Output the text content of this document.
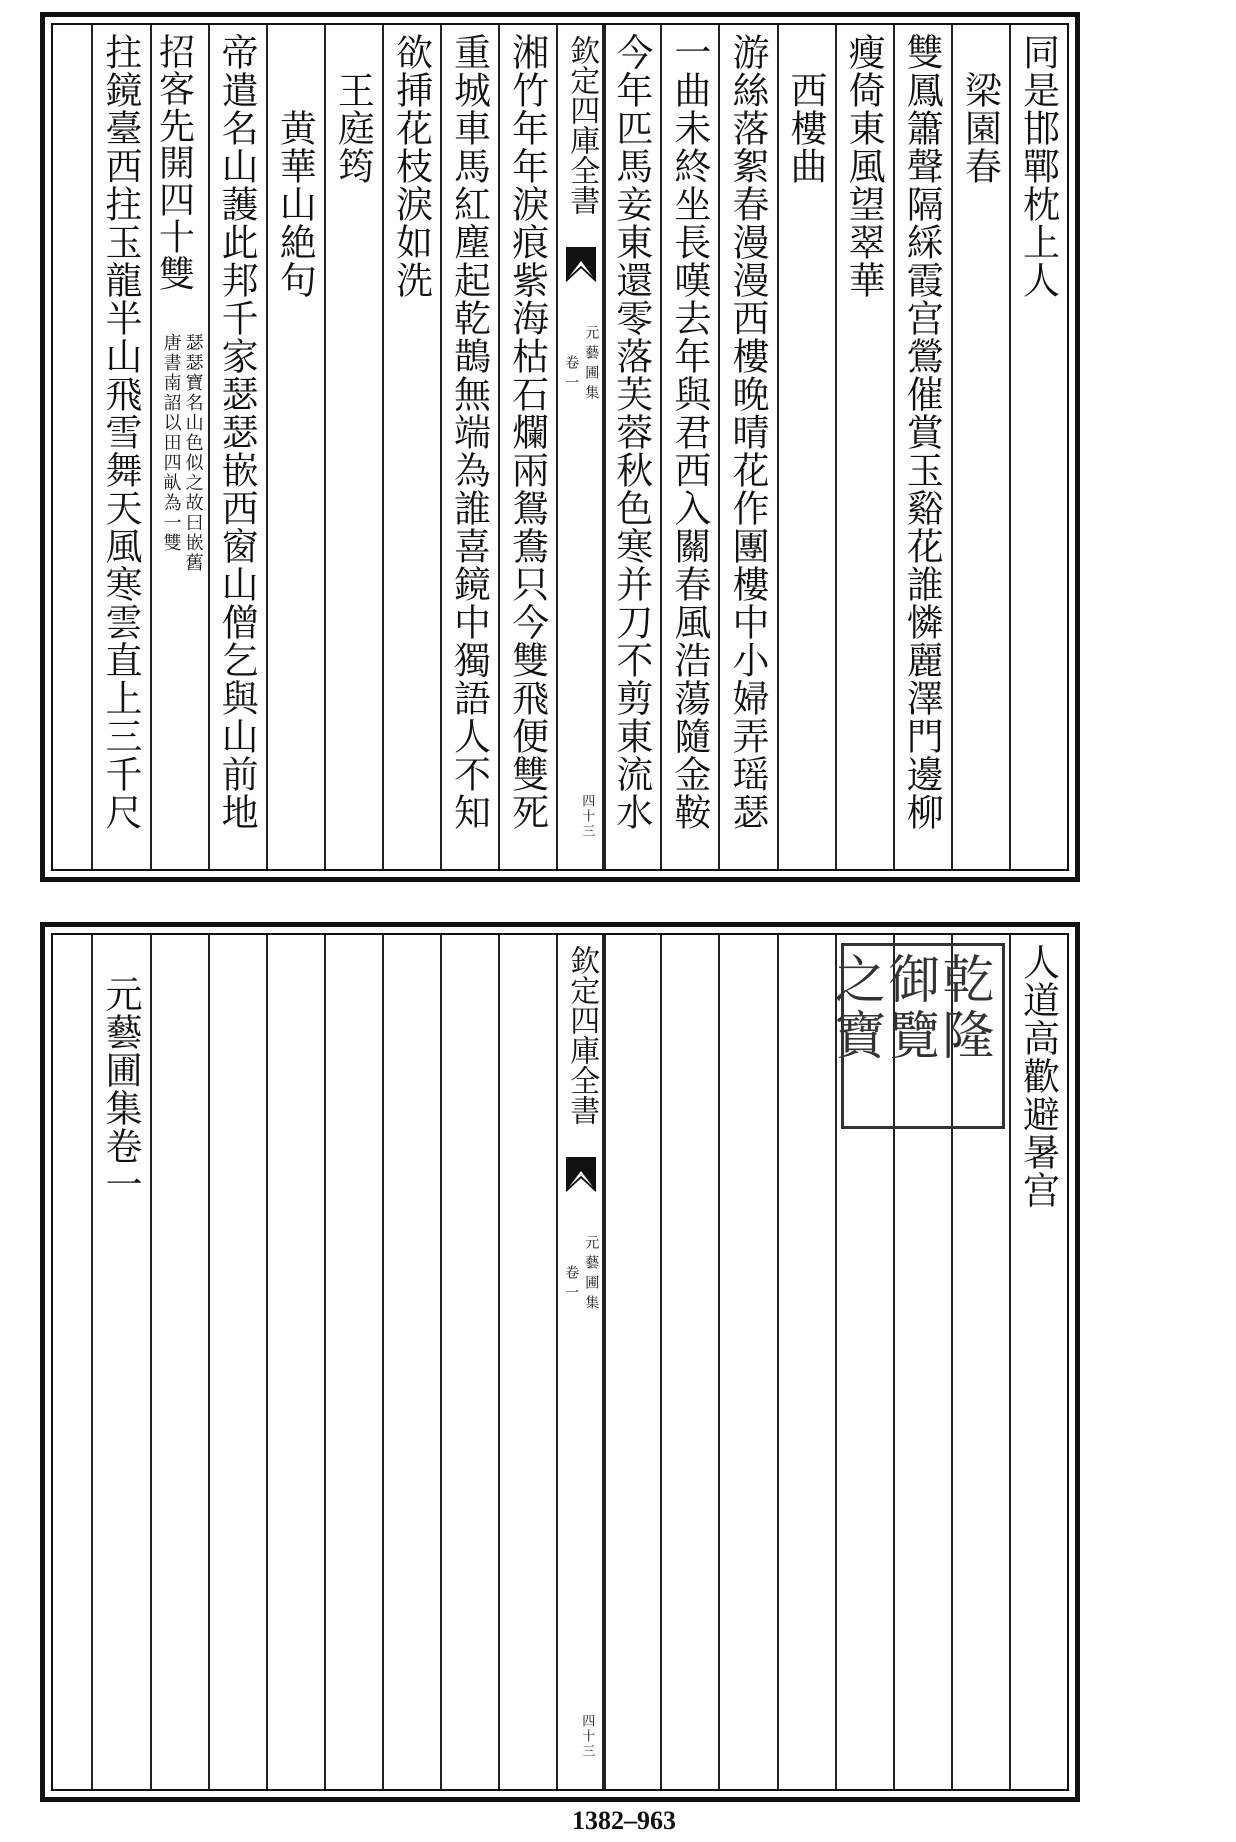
欽定四庫全書
元藝圃集
卷一
四十三
同是邯鄲枕上人
梁園春
雙鳳簫聲隔綵霞宫鶯催賞玉谿花誰憐麗澤門邊柳
瘦倚東風望翠華
西樓曲
游絲落絮春漫漫西樓晚晴花作團樓中小婦弄瑶瑟
一曲未終坐長嘆去年與君西入關春風浩蕩隨金鞍
今年匹馬妾東還零落芙蓉秋色寒并刀不剪東流水
湘竹年年淚痕紫海枯石爛兩鴛鴦只今雙飛便雙死
重城車馬紅塵起乾鵲無端為誰喜鏡中獨語人不知
欲挿花枝淚如洗
王庭筠
黄華山絶句
帝遣名山䕶此邦千家瑟瑟嵌西窗山僧乞與山前地
招客先開四十雙
瑟瑟寶名山色似之故曰嵌舊
唐書南詔以田四畒為一雙
拄鏡臺西拄玉龍半山飛雪舞天風寒雲直上三千尺
欽定四庫全書
元藝圃集
卷一
四十三
人道高歡避暑宫
元藝圃集卷一	乾隆
御覽
之寶
1382–963
